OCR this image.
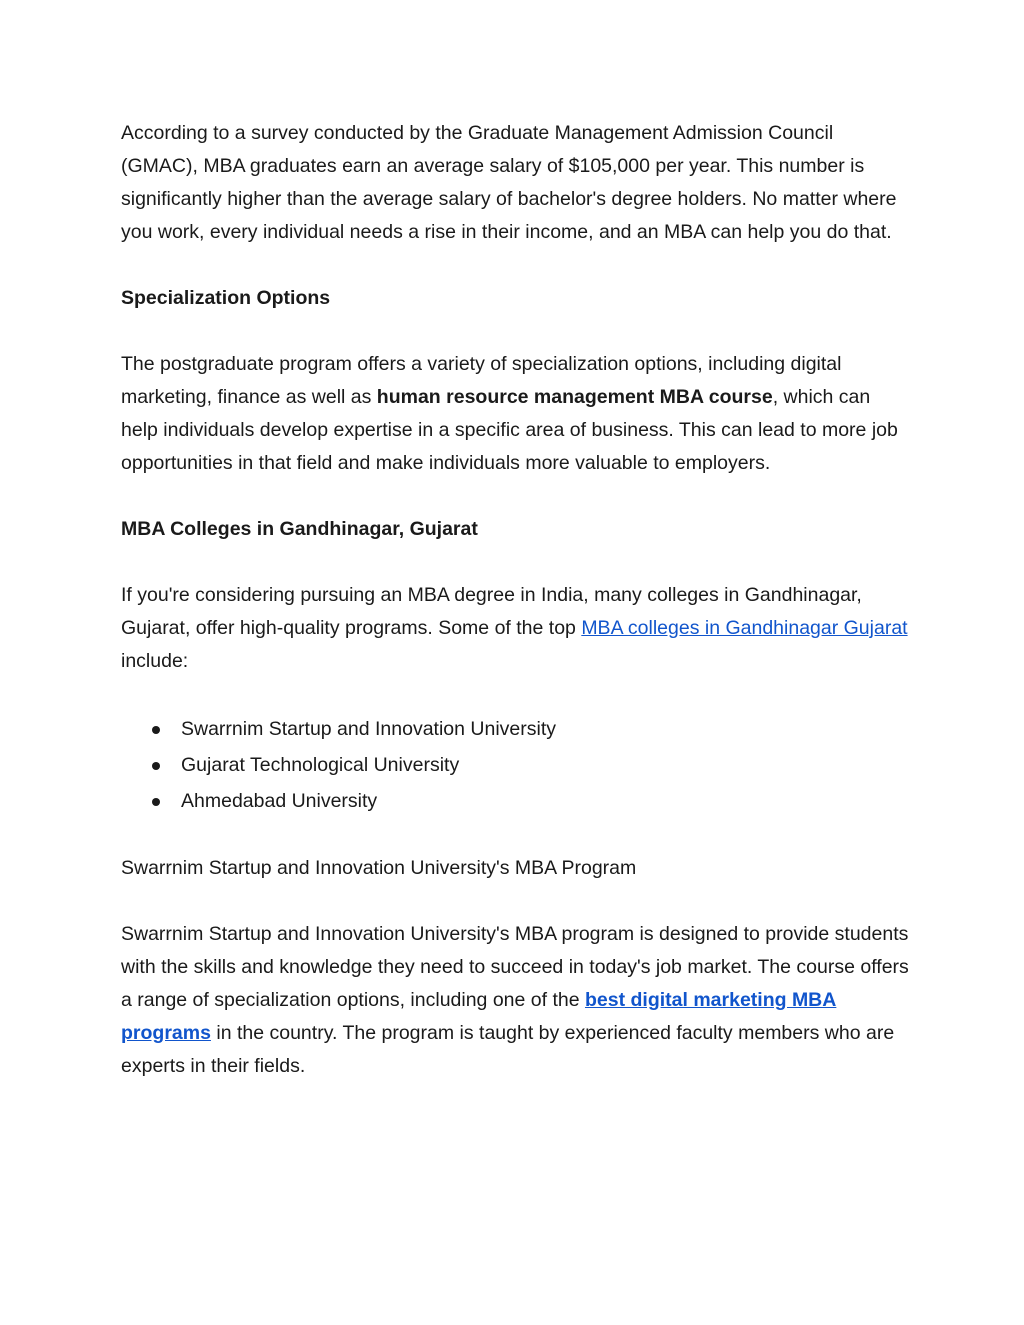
According to a survey conducted by the Graduate Management Admission Council (GMAC), MBA graduates earn an average salary of $105,000 per year. This number is significantly higher than the average salary of bachelor's degree holders. No matter where you work, every individual needs a rise in their income, and an MBA can help you do that.

Specialization Options

The postgraduate program offers a variety of specialization options, including digital marketing, finance as well as human resource management MBA course, which can help individuals develop expertise in a specific area of business. This can lead to more job opportunities in that field and make individuals more valuable to employers.

MBA Colleges in Gandhinagar, Gujarat

If you're considering pursuing an MBA degree in India, many colleges in Gandhinagar, Gujarat, offer high-quality programs. Some of the top MBA colleges in Gandhinagar Gujarat include:

Swarrnim Startup and Innovation University
Gujarat Technological University
Ahmedabad University

Swarrnim Startup and Innovation University's MBA Program

Swarrnim Startup and Innovation University's MBA program is designed to provide students with the skills and knowledge they need to succeed in today's job market. The course offers a range of specialization options, including one of the best digital marketing MBA programs in the country. The program is taught by experienced faculty members who are experts in their fields.
